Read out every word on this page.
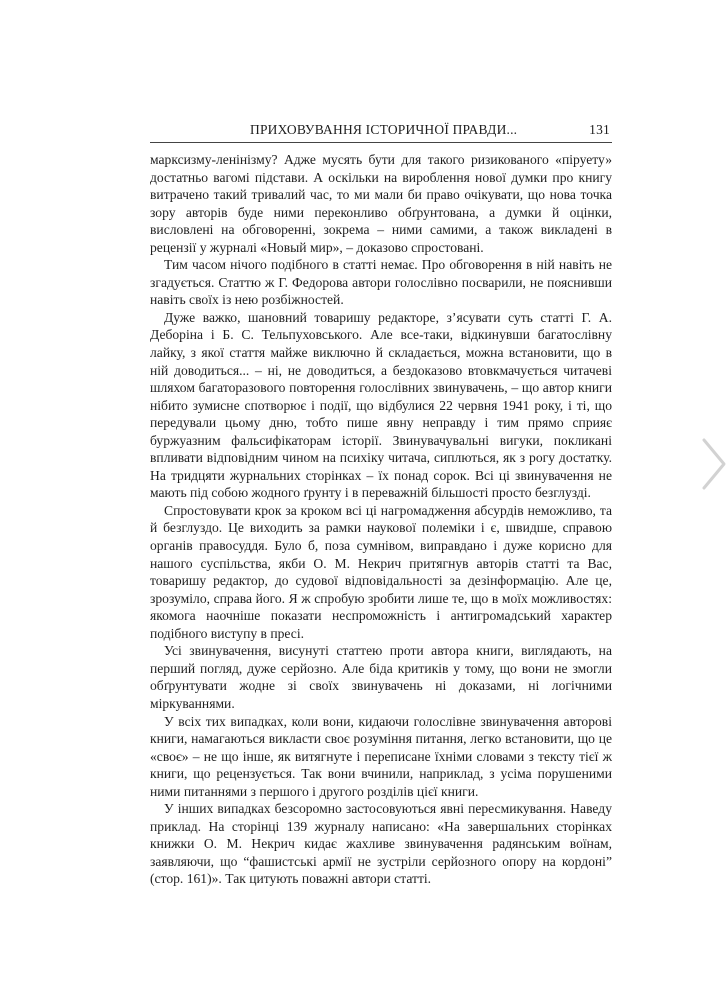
ПРИХОВУВАННЯ ІСТОРИЧНОЇ ПРАВДИ...	131

марксизму-ленінізму? Адже мусять бути для такого ризикованого «піруету» достатньо вагомі підстави. А оскільки на вироблення нової думки про книгу витрачено такий тривалий час, то ми мали би право очікувати, що нова точка зору авторів буде ними переконливо обґрунтована, а думки й оцінки, висловлені на обговоренні, зокрема – ними самими, а також викладені в рецензії у журналі «Новый мир», – доказово спростовані.

Тим часом нічого подібного в статті немає. Про обговорення в ній навіть не згадується. Статтю ж Г. Федорова автори голослівно посварили, не пояснивши навіть своїх із нею розбіжностей.

Дуже важко, шановний товаришу редакторе, з’ясувати суть статті Г. А. Деборіна і Б. С. Тельпуховського. Але все-таки, відкинувши багатослівну лайку, з якої стаття майже виключно й складається, можна встановити, що в ній доводиться... – ні, не доводиться, а бездоказово втовкмачується читачеві шляхом багаторазового повторення голослівних звинувачень, – що автор книги нібито зумисне спотворює і події, що відбулися 22 червня 1941 року, і ті, що передували цьому дню, тобто пише явну неправду і тим прямо сприяє буржуазним фальсифікаторам історії. Звинувачувальні вигуки, покликані впливати відповідним чином на психіку читача, сиплються, як з рогу достатку. На тридцяти журнальних сторінках – їх понад сорок. Всі ці звинувачення не мають під собою жодного ґрунту і в переважній більшості просто безглузді.

Спростовувати крок за кроком всі ці нагромадження абсурдів неможливо, та й безглуздо. Це виходить за рамки наукової полеміки і є, швидше, справою органів правосуддя. Було б, поза сумнівом, виправдано і дуже корисно для нашого суспільства, якби О. М. Некрич притягнув авторів статті та Вас, товаришу редактор, до судової відповідальності за дезінформацію. Але це, зрозуміло, справа його. Я ж спробую зробити лише те, що в моїх можливостях: якомога наочніше показати неспроможність і антигромадський характер подібного виступу в пресі.

Усі звинувачення, висунуті статтею проти автора книги, виглядають, на перший погляд, дуже серйозно. Але біда критиків у тому, що вони не змогли обґрунтувати жодне зі своїх звинувачень ні доказами, ні логічними міркуваннями.

У всіх тих випадках, коли вони, кидаючи голослівне звинувачення авторові книги, намагаються викласти своє розуміння питання, легко встановити, що це «своє» – не що інше, як витягнуте і переписане їхніми словами з тексту тієї ж книги, що рецензується. Так вони вчинили, наприклад, з усіма порушеними ними питаннями з першого і другого розділів цієї книги.

У інших випадках безсоромно застосовуються явні пересмикування. Наведу приклад. На сторінці 139 журналу написано: «На завершальних сторінках книжки О. М. Некрич кидає жахливе звинувачення радянським воїнам, заявляючи, що “фашистські армії не зустріли серйозного опору на кордоні” (стор. 161)». Так цитують поважні автори статті.
